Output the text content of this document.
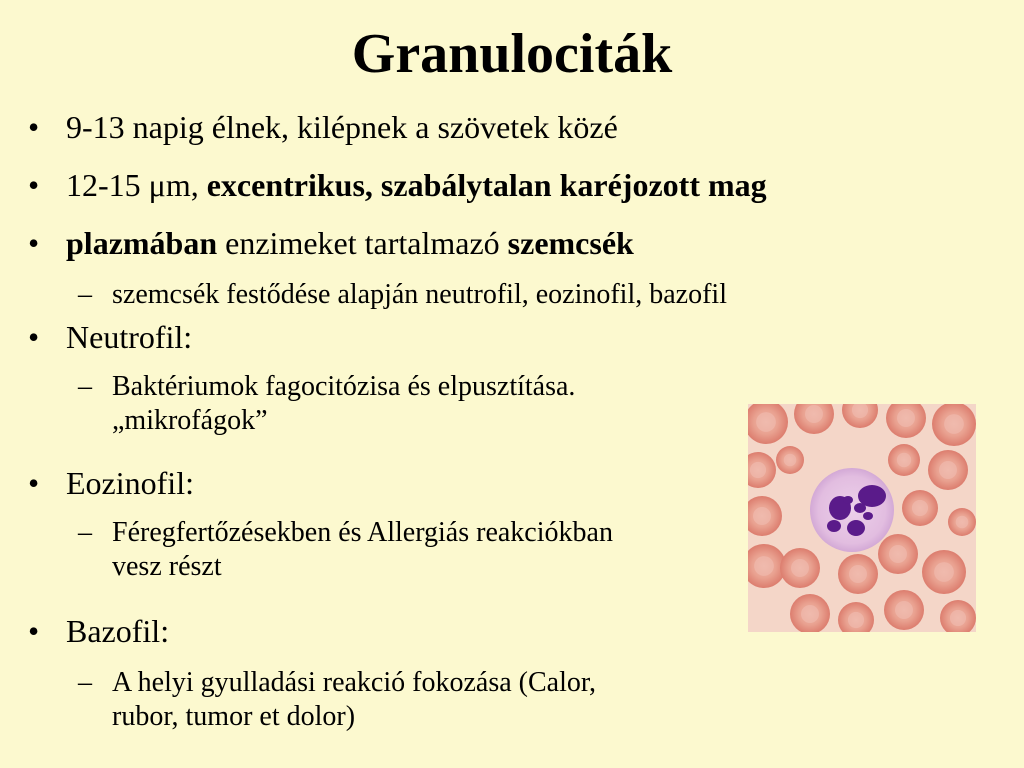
Granulociták
• 9-13 napig élnek, kilépnek a szövetek közé
• 12-15 μm, excentrikus, szabálytalan karéjozott mag
• plazmában enzimeket tartalmazó szemcsék
– szemcsék festődése alapján neutrofil, eozinofil, bazofil
• Neutrofil:
– Baktériumok fagocitózisa és elpusztítása.
„mikrofágok”
• Eozinofil:
– Féregfertőzésekben és Allergiás reakciókban
vesz részt
• Bazofil:
– A helyi gyulladási reakció fokozása (Calor,
rubor, tumor et dolor)
